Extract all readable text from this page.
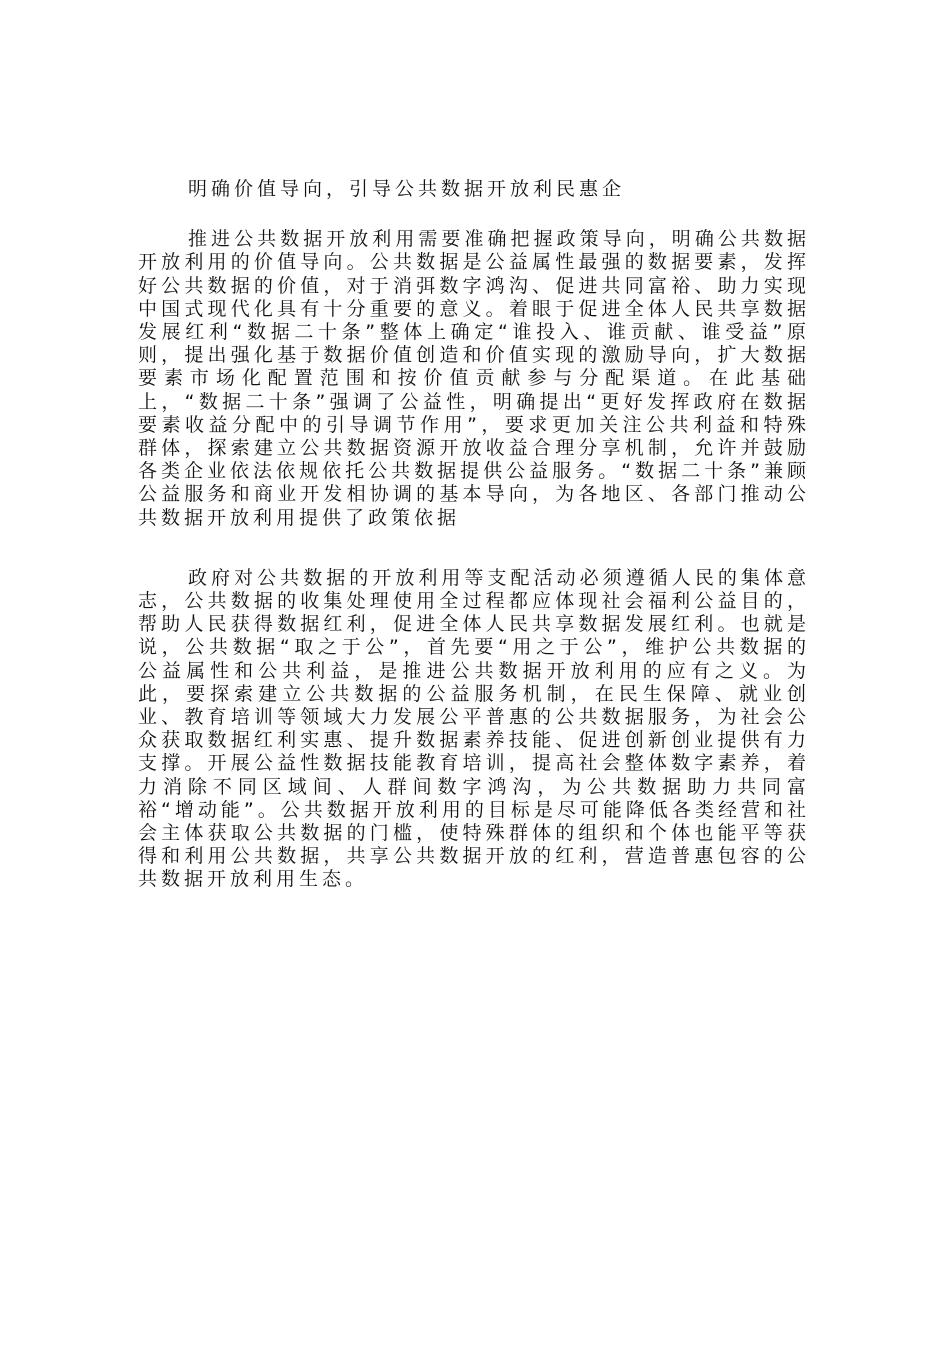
明确价值导向，引导公共数据开放利民惠企

推进公共数据开放利用需要准确把握政策导向，明确公共数据开放利用的价值导向。公共数据是公益属性最强的数据要素，发挥好公共数据的价值，对于消弭数字鸿沟、促进共同富裕、助力实现中国式现代化具有十分重要的意义。着眼于促进全体人民共享数据发展红利“数据二十条”整体上确定“谁投入、谁贡献、谁受益”原则，提出强化基于数据价值创造和价值实现的激励导向，扩大数据要素市场化配置范围和按价值贡献参与分配渠道。在此基础上，“数据二十条”强调了公益性，明确提出“更好发挥政府在数据要素收益分配中的引导调节作用”，要求更加关注公共利益和特殊群体，探索建立公共数据资源开放收益合理分享机制，允许并鼓励各类企业依法依规依托公共数据提供公益服务。“数据二十条”兼顾公益服务和商业开发相协调的基本导向，为各地区、各部门推动公共数据开放利用提供了政策依据

政府对公共数据的开放利用等支配活动必须遵循人民的集体意志，公共数据的收集处理使用全过程都应体现社会福利公益目的，帮助人民获得数据红利，促进全体人民共享数据发展红利。也就是说，公共数据“取之于公”，首先要“用之于公”，维护公共数据的公益属性和公共利益，是推进公共数据开放利用的应有之义。为此，要探索建立公共数据的公益服务机制，在民生保障、就业创业、教育培训等领域大力发展公平普惠的公共数据服务，为社会公众获取数据红利实惠、提升数据素养技能、促进创新创业提供有力支撑。开展公益性数据技能教育培训，提高社会整体数字素养，着力消除不同区域间、人群间数字鸿沟，为公共数据助力共同富裕“增动能”。公共数据开放利用的目标是尽可能降低各类经营和社会主体获取公共数据的门槛，使特殊群体的组织和个体也能平等获得和利用公共数据，共享公共数据开放的红利，营造普惠包容的公共数据开放利用生态。
